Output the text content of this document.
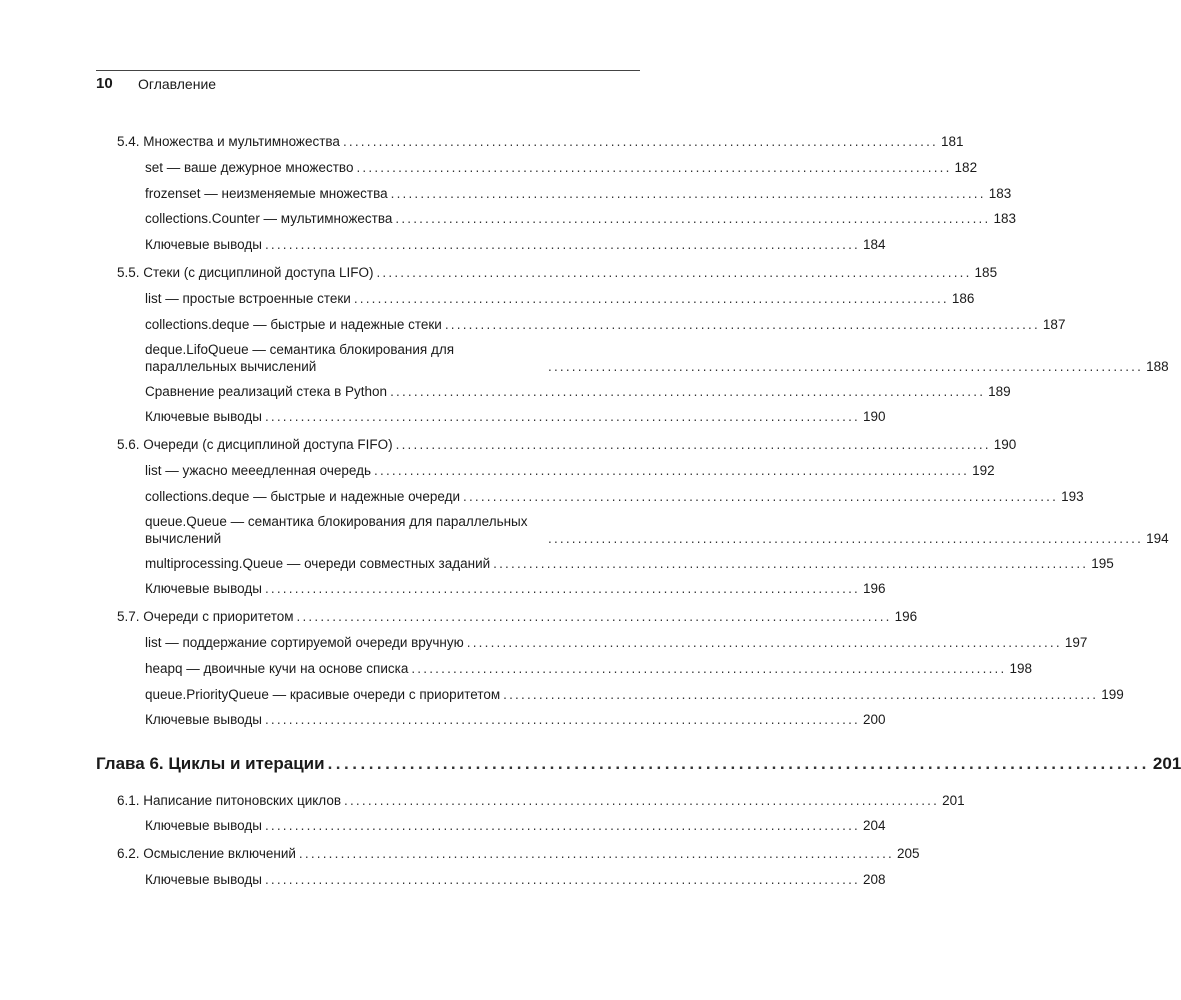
10 Оглавление
5.4. Множества и мультимножества .................................................................................................... 181
set — ваше дежурное множество .................................................................................................... 182
frozenset — неизменяемые множества .................................................................................................... 183
collections.Counter — мультимножества .................................................................................................... 183
Ключевые выводы .................................................................................................... 184
5.5. Стеки (с дисциплиной доступа LIFO) .................................................................................................... 185
list — простые встроенные стеки .................................................................................................... 186
collections.deque — быстрые и надежные стеки .................................................................................................... 187
deque.LifoQueue — семантика блокирования для параллельных вычислений	.................................................................................................... 188
Сравнение реализаций стека в Python .................................................................................................... 189
Ключевые выводы .................................................................................................... 190
5.6. Очереди (с дисциплиной доступа FIFO) .................................................................................................... 190
list — ужасно мееедленная очередь .................................................................................................... 192
collections.deque — быстрые и надежные очереди .................................................................................................... 193
queue.Queue — семантика блокирования для параллельных вычислений	.................................................................................................... 194
multiprocessing.Queue — очереди совместных заданий .................................................................................................... 195
Ключевые выводы .................................................................................................... 196
5.7. Очереди с приоритетом .................................................................................................... 196
list — поддержание сортируемой очереди вручную .................................................................................................... 197
heapq — двоичные кучи на основе списка .................................................................................................... 198
queue.PriorityQueue — красивые очереди с приоритетом .................................................................................................... 199
Ключевые выводы .................................................................................................... 200
Глава 6. Циклы и итерации .................................................................................................... 201
6.1. Написание питоновских циклов .................................................................................................... 201
Ключевые выводы .................................................................................................... 204
6.2. Осмысление включений .................................................................................................... 205
Ключевые выводы .................................................................................................... 208
